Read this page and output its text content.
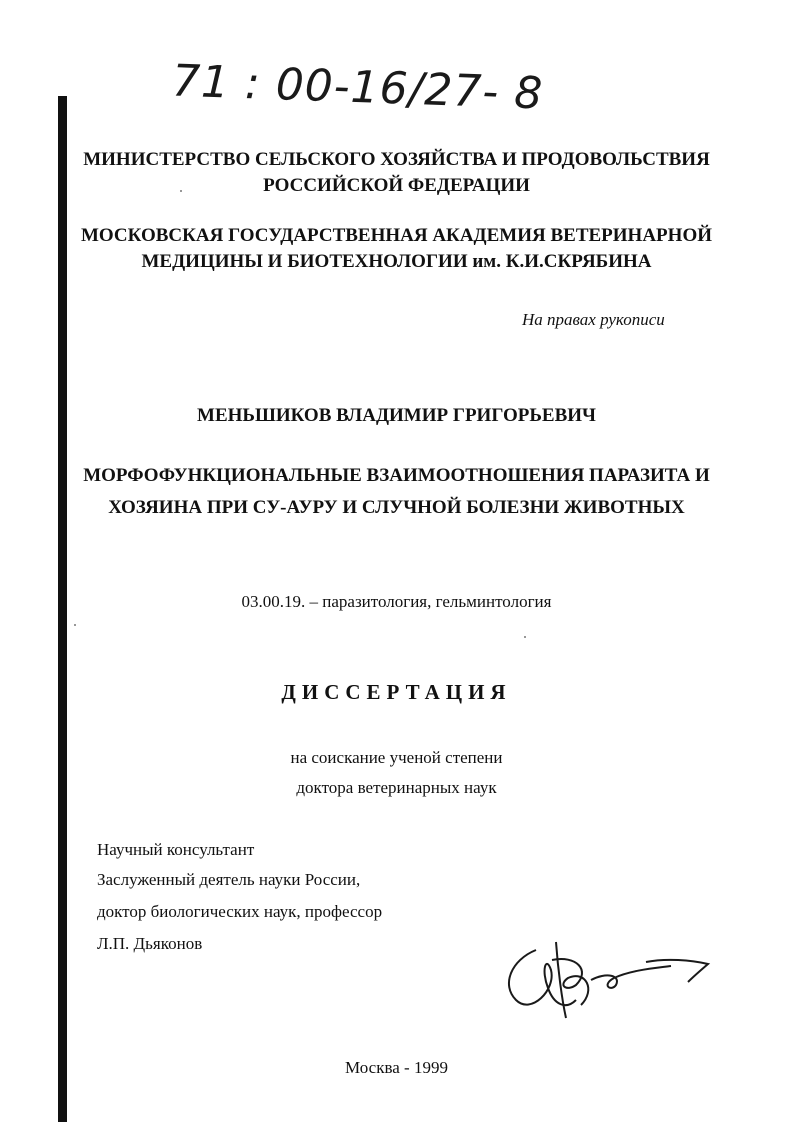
71 : 00-16/27- 8
МИНИСТЕРСТВО СЕЛЬСКОГО ХОЗЯЙСТВА И ПРОДОВОЛЬСТВИЯ
РОССИЙСКОЙ ФЕДЕРАЦИИ
МОСКОВСКАЯ ГОСУДАРСТВЕННАЯ АКАДЕМИЯ ВЕТЕРИНАРНОЙ
МЕДИЦИНЫ И БИОТЕХНОЛОГИИ им. К.И.СКРЯБИНА
На правах рукописи
МЕНЬШИКОВ ВЛАДИМИР ГРИГОРЬЕВИЧ
МОРФОФУНКЦИОНАЛЬНЫЕ ВЗАИМООТНОШЕНИЯ ПАРАЗИТА И
ХОЗЯИНА ПРИ СУ-АУРУ И СЛУЧНОЙ БОЛЕЗНИ ЖИВОТНЫХ
03.00.19. – паразитология, гельминтология
ДИССЕРТАЦИЯ
на соискание ученой степени
доктора ветеринарных наук
Научный консультант
Заслуженный деятель науки России,
доктор биологических наук, профессор
Л.П. Дьяконов
Москва - 1999
